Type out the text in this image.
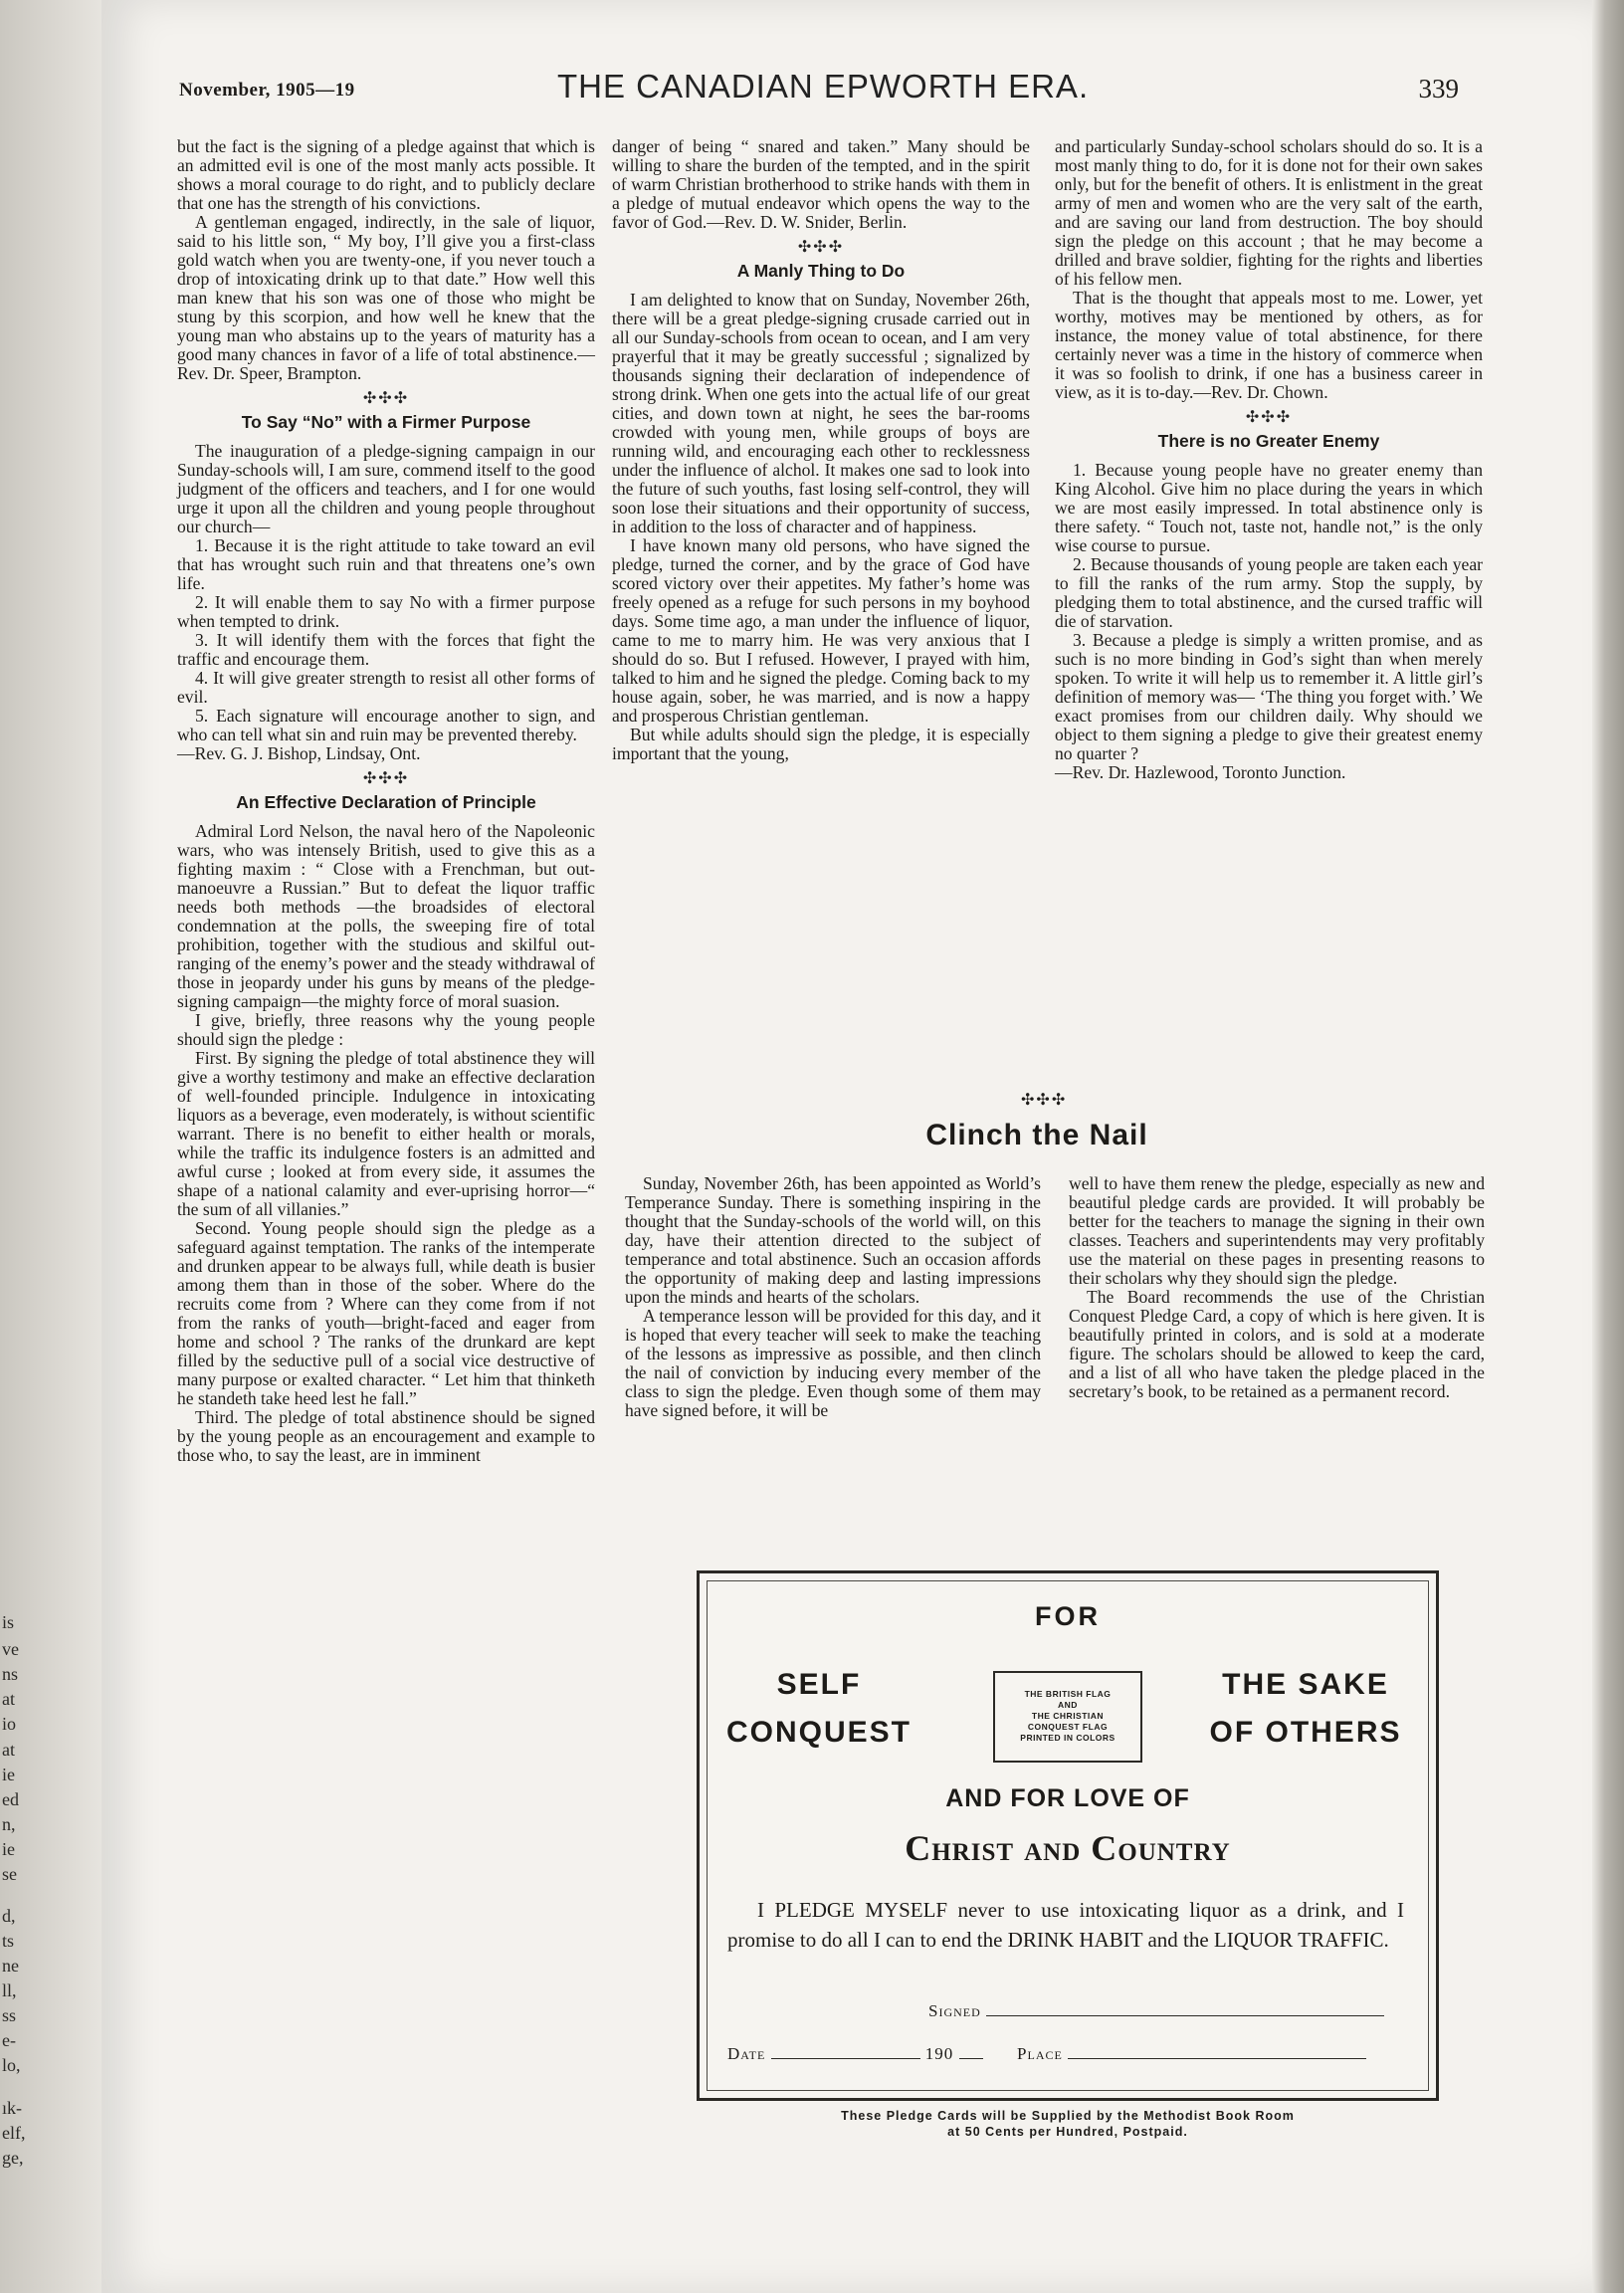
is
ve
ns
at
io
at
ie
ed
n,
ie
se
d,
ts
ne
ll,
ss
e-
lo,
ık-
elf,
ge,
November, 1905—19	THE CANADIAN EPWORTH ERA.	339

but the fact is the signing of a pledge against that which is an admitted evil is one of the most manly acts possible. It shows a moral courage to do right, and to publicly declare that one has the strength of his convictions.

A gentleman engaged, indirectly, in the sale of liquor, said to his little son, “ My boy, I’ll give you a first-class gold watch when you are twenty-one, if you never touch a drop of intoxicating drink up to that date.” How well this man knew that his son was one of those who might be stung by this scorpion, and how well he knew that the young man who abstains up to the years of maturity has a good many chances in favor of a life of total abstinence.—Rev. Dr. Speer, Brampton.

✣✣✣
To Say “No” with a Firmer Purpose

The inauguration of a pledge-signing campaign in our Sunday-schools will, I am sure, commend itself to the good judgment of the officers and teachers, and I for one would urge it upon all the children and young people throughout our church—

1. Because it is the right attitude to take toward an evil that has wrought such ruin and that threatens one’s own life.

2. It will enable them to say No with a firmer purpose when tempted to drink.

3. It will identify them with the forces that fight the traffic and encourage them.

4. It will give greater strength to resist all other forms of evil.

5. Each signature will encourage another to sign, and who can tell what sin and ruin may be prevented thereby.

—Rev. G. J. Bishop, Lindsay, Ont.

✣✣✣
An Effective Declaration of Principle

Admiral Lord Nelson, the naval hero of the Napoleonic wars, who was intensely British, used to give this as a fighting maxim : “ Close with a Frenchman, but out-manoeuvre a Russian.” But to defeat the liquor traffic needs both methods —the broadsides of electoral condemnation at the polls, the sweeping fire of total prohibition, together with the studious and skilful out-ranging of the enemy’s power and the steady withdrawal of those in jeopardy under his guns by means of the pledge-signing campaign—the mighty force of moral suasion.

I give, briefly, three reasons why the young people should sign the pledge :

First. By signing the pledge of total abstinence they will give a worthy testimony and make an effective declaration of well-founded principle. Indulgence in intoxicating liquors as a beverage, even moderately, is without scientific warrant. There is no benefit to either health or morals, while the traffic its indulgence fosters is an admitted and awful curse ; looked at from every side, it assumes the shape of a national calamity and ever-uprising horror—“ the sum of all villanies.”

Second. Young people should sign the pledge as a safeguard against temptation. The ranks of the intemperate and drunken appear to be always full, while death is busier among them than in those of the sober. Where do the recruits come from ? Where can they come from if not from the ranks of youth—bright-faced and eager from home and school ? The ranks of the drunkard are kept filled by the seductive pull of a social vice destructive of many purpose or exalted character. “ Let him that thinketh he standeth take heed lest he fall.”

Third. The pledge of total abstinence should be signed by the young people as an encouragement and example to those who, to say the least, are in imminent

danger of being “ snared and taken.” Many should be willing to share the burden of the tempted, and in the spirit of warm Christian brotherhood to strike hands with them in a pledge of mutual endeavor which opens the way to the favor of God.—Rev. D. W. Snider, Berlin.

✣✣✣
A Manly Thing to Do

I am delighted to know that on Sunday, November 26th, there will be a great pledge-signing crusade carried out in all our Sunday-schools from ocean to ocean, and I am very prayerful that it may be greatly successful ; signalized by thousands signing their declaration of independence of strong drink. When one gets into the actual life of our great cities, and down town at night, he sees the bar-rooms crowded with young men, while groups of boys are running wild, and encouraging each other to recklessness under the influence of alchol. It makes one sad to look into the future of such youths, fast losing self-control, they will soon lose their situations and their opportunity of success, in addition to the loss of character and of happiness.

I have known many old persons, who have signed the pledge, turned the corner, and by the grace of God have scored victory over their appetites. My father’s home was freely opened as a refuge for such persons in my boyhood days. Some time ago, a man under the influence of liquor, came to me to marry him. He was very anxious that I should do so. But I refused. However, I prayed with him, talked to him and he signed the pledge. Coming back to my house again, sober, he was married, and is now a happy and prosperous Christian gentleman.

But while adults should sign the pledge, it is especially important that the young,

and particularly Sunday-school scholars should do so. It is a most manly thing to do, for it is done not for their own sakes only, but for the benefit of others. It is enlistment in the great army of men and women who are the very salt of the earth, and are saving our land from destruction. The boy should sign the pledge on this account ; that he may become a drilled and brave soldier, fighting for the rights and liberties of his fellow men.

That is the thought that appeals most to me. Lower, yet worthy, motives may be mentioned by others, as for instance, the money value of total abstinence, for there certainly never was a time in the history of commerce when it was so foolish to drink, if one has a business career in view, as it is to-day.—Rev. Dr. Chown.

✣✣✣
There is no Greater Enemy

1. Because young people have no greater enemy than King Alcohol. Give him no place during the years in which we are most easily impressed. In total abstinence only is there safety. “ Touch not, taste not, handle not,” is the only wise course to pursue.

2. Because thousands of young people are taken each year to fill the ranks of the rum army. Stop the supply, by pledging them to total abstinence, and the cursed traffic will die of starvation.

3. Because a pledge is simply a written promise, and as such is no more binding in God’s sight than when merely spoken. To write it will help us to remember it. A little girl’s definition of memory was— ‘The thing you forget with.’ We exact promises from our children daily. Why should we object to them signing a pledge to give their greatest enemy no quarter ?

—Rev. Dr. Hazlewood, Toronto Junction.

✣✣✣
Clinch the Nail

Sunday, November 26th, has been appointed as World’s Temperance Sunday. There is something inspiring in the thought that the Sunday-schools of the world will, on this day, have their attention directed to the subject of temperance and total abstinence. Such an occasion affords the opportunity of making deep and lasting impressions upon the minds and hearts of the scholars.

A temperance lesson will be provided for this day, and it is hoped that every teacher will seek to make the teaching of the lessons as impressive as possible, and then clinch the nail of conviction by inducing every member of the class to sign the pledge. Even though some of them may have signed before, it will be

well to have them renew the pledge, especially as new and beautiful pledge cards are provided. It will probably be better for the teachers to manage the signing in their own classes. Teachers and superintendents may very profitably use the material on these pages in presenting reasons to their scholars why they should sign the pledge.

The Board recommends the use of the Christian Conquest Pledge Card, a copy of which is here given. It is beautifully printed in colors, and is sold at a moderate figure. The scholars should be allowed to keep the card, and a list of all who have taken the pledge placed in the secretary’s book, to be retained as a permanent record.

FOR
SELF
CONQUEST
THE BRITISH FLAG
AND
THE CHRISTIAN
CONQUEST FLAG
PRINTED IN COLORS
THE SAKE
OF OTHERS
AND FOR LOVE OF
Christ and Country
I PLEDGE MYSELF never to use intoxicating liquor as a drink, and I promise to do all I can to end the DRINK HABIT and the LIQUOR TRAFFIC.
Signed
Date	190	Place
These Pledge Cards will be Supplied by the Methodist Book Room
at 50 Cents per Hundred, Postpaid.
